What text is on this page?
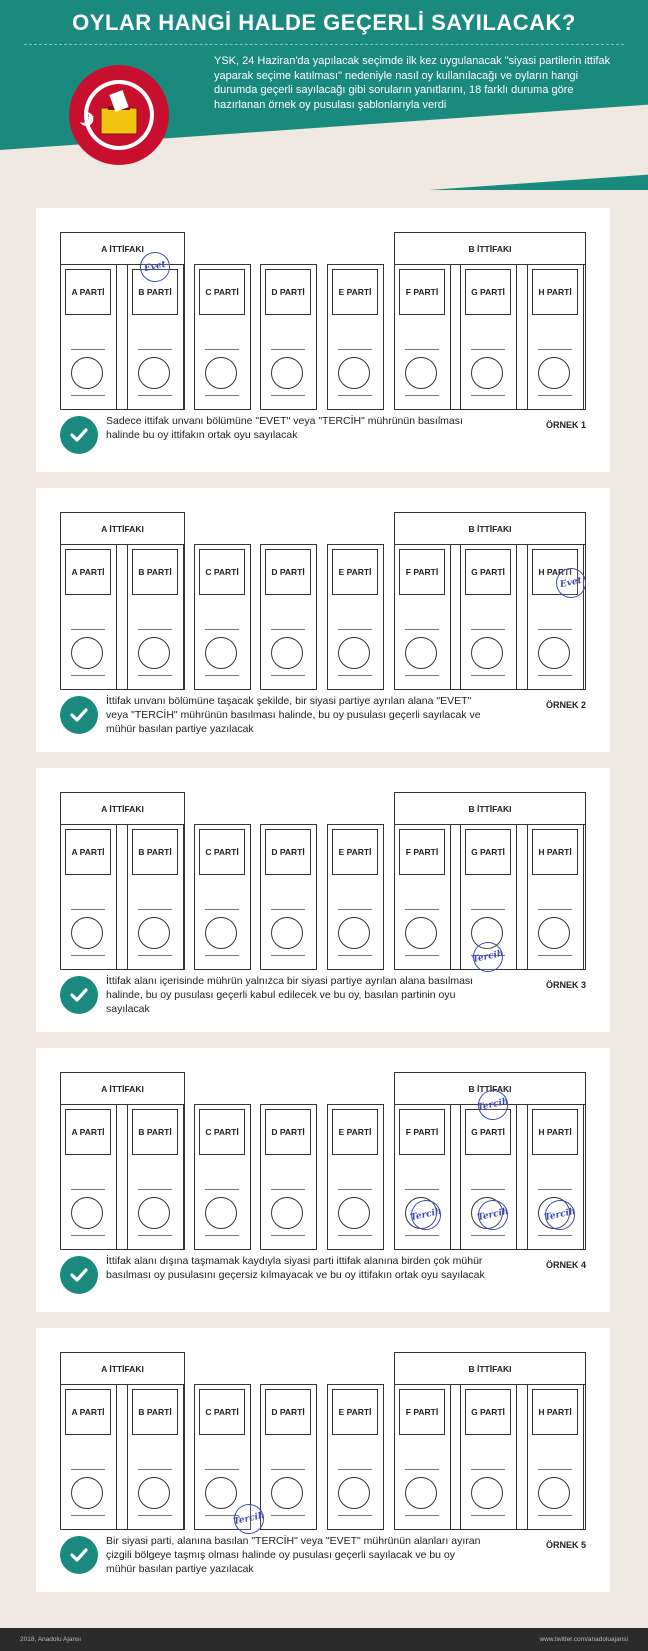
OYLAR HANGİ HALDE GEÇERLİ SAYILACAK?
YSK, 24 Haziran'da yapılacak seçimde ilk kez uygulanacak "siyasi partilerin ittifak yaparak seçime katılması" nedeniyle nasıl oy kullanılacağı ve oyların hangi durumda geçerli sayılacağı gibi soruların yanıtlarını, 18 farklı duruma göre hazırlanan örnek oy pusulası şablonlarıyla verdi
A İTTİFAKI	B İTTİFAKI
A PARTİ	B PARTİ	C PARTİ	D PARTİ	E PARTİ	F PARTİ	G PARTİ	H PARTİ
Sadece ittifak unvanı bölümüne "EVET" veya "TERCİH" mührünün basılması halinde bu oy ittifakın ortak oyu sayılacak
ÖRNEK 1
Evet
A İTTİFAKI	B İTTİFAKI
A PARTİ	B PARTİ	C PARTİ	D PARTİ	E PARTİ	F PARTİ	G PARTİ	H PARTİ
İttifak unvanı bölümüne taşacak şekilde, bir siyasi partiye ayrılan alana "EVET" veya "TERCİH" mührünün basılması halinde, bu oy pusulası geçerli sayılacak ve mühür basılan partiye yazılacak
ÖRNEK 2
Evet
A İTTİFAKI	B İTTİFAKI
A PARTİ	B PARTİ	C PARTİ	D PARTİ	E PARTİ	F PARTİ	G PARTİ	H PARTİ
İttifak alanı içerisinde mührün yalnızca bir siyasi partiye ayrılan alana basılması halinde, bu oy pusulası geçerli kabul edilecek ve bu oy, basılan partinin oyu sayılacak
ÖRNEK 3
Tercih
A İTTİFAKI	B İTTİFAKI
A PARTİ	B PARTİ	C PARTİ	D PARTİ	E PARTİ	F PARTİ	G PARTİ	H PARTİ
İttifak alanı dışına taşmamak kaydıyla siyasi parti ittifak alanına birden çok mühür basılması oy pusulasını geçersiz kılmayacak ve bu oy ittifakın ortak oyu sayılacak
ÖRNEK 4
Tercih
Tercih	Tercih	Tercih
A İTTİFAKI	B İTTİFAKI
A PARTİ	B PARTİ	C PARTİ	D PARTİ	E PARTİ	F PARTİ	G PARTİ	H PARTİ
Bir siyasi parti, alanına basılan "TERCİH" veya "EVET" mührünün alanları ayıran çizgili bölgeye taşmış olması halinde oy pusulası geçerli sayılacak ve bu oy mühür basılan partiye yazılacak
ÖRNEK 5
Tercih
2018, Anadolu Ajansı	www.twitter.com/anadoluajansi
